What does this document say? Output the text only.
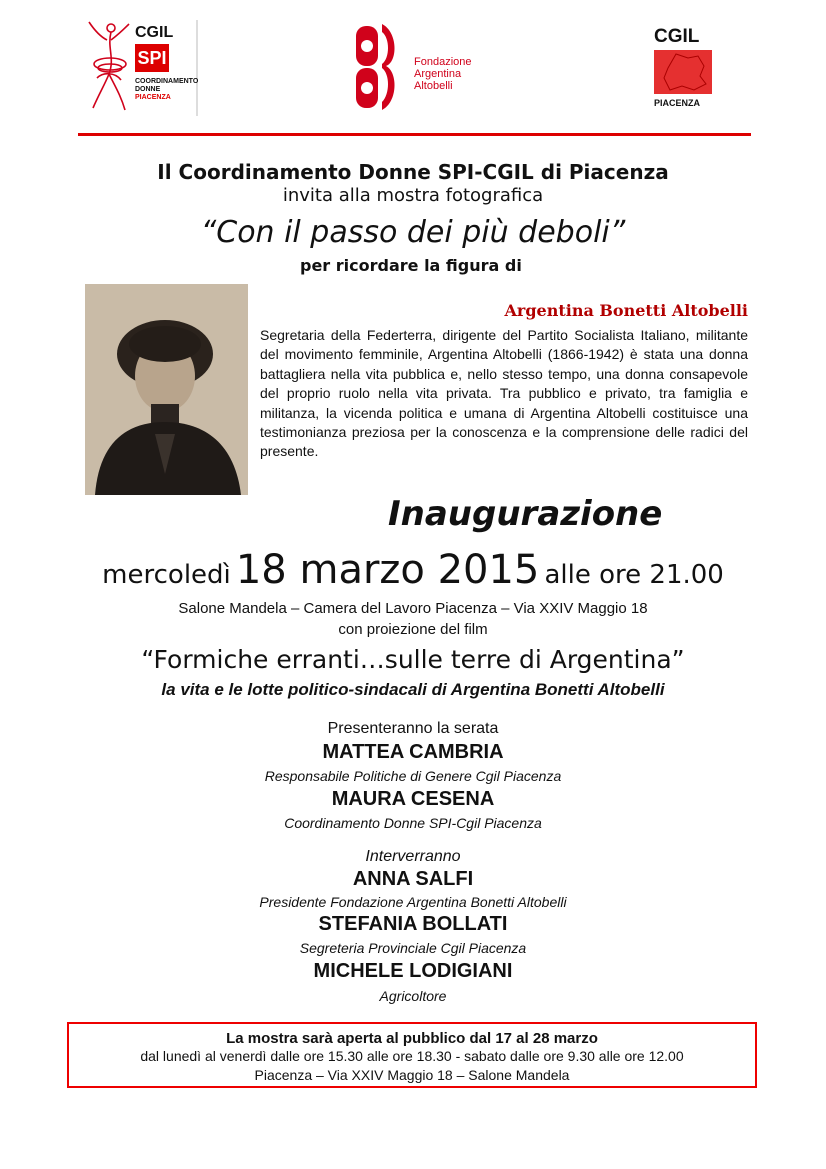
CGIL
SPI
COORDINAMENTO
DONNE
PIACENZA
Fondazione
Argentina
Altobelli
CGIL
PIACENZA
Il Coordinamento Donne SPI-CGIL di Piacenza
invita alla mostra fotografica
“Con il passo dei più deboli”
per ricordare la figura di
Argentina Bonetti Altobelli
Segretaria della Federterra, dirigente del Partito Socialista Italiano, militante del movimento femminile, Argentina Altobelli (1866-1942) è stata una donna battagliera nella vita pubblica e, nello stesso tempo, una donna consapevole del proprio ruolo nella vita privata. Tra pubblico e privato, tra famiglia e militanza, la vicenda politica e umana di Argentina Altobelli costituisce una testimonianza preziosa per la conoscenza e la comprensione delle radici del presente.
Inaugurazione
mercoledì 18 marzo 2015 alle ore 21.00
Salone Mandela – Camera del Lavoro Piacenza – Via XXIV Maggio 18
con proiezione del film
“Formiche erranti…sulle terre di Argentina”
la vita e le lotte politico-sindacali di Argentina Bonetti Altobelli
Presenteranno la serata
MATTEA CAMBRIA
Responsabile Politiche di Genere Cgil Piacenza
MAURA CESENA
Coordinamento Donne SPI-Cgil Piacenza
Interverranno
ANNA SALFI
Presidente Fondazione Argentina Bonetti Altobelli
STEFANIA BOLLATI
Segreteria Provinciale Cgil Piacenza
MICHELE LODIGIANI
Agricoltore
La mostra sarà aperta al pubblico dal 17 al 28 marzo
dal lunedì al venerdì dalle ore 15.30 alle ore 18.30 - sabato dalle ore 9.30 alle ore 12.00
Piacenza – Via XXIV Maggio 18 – Salone Mandela
